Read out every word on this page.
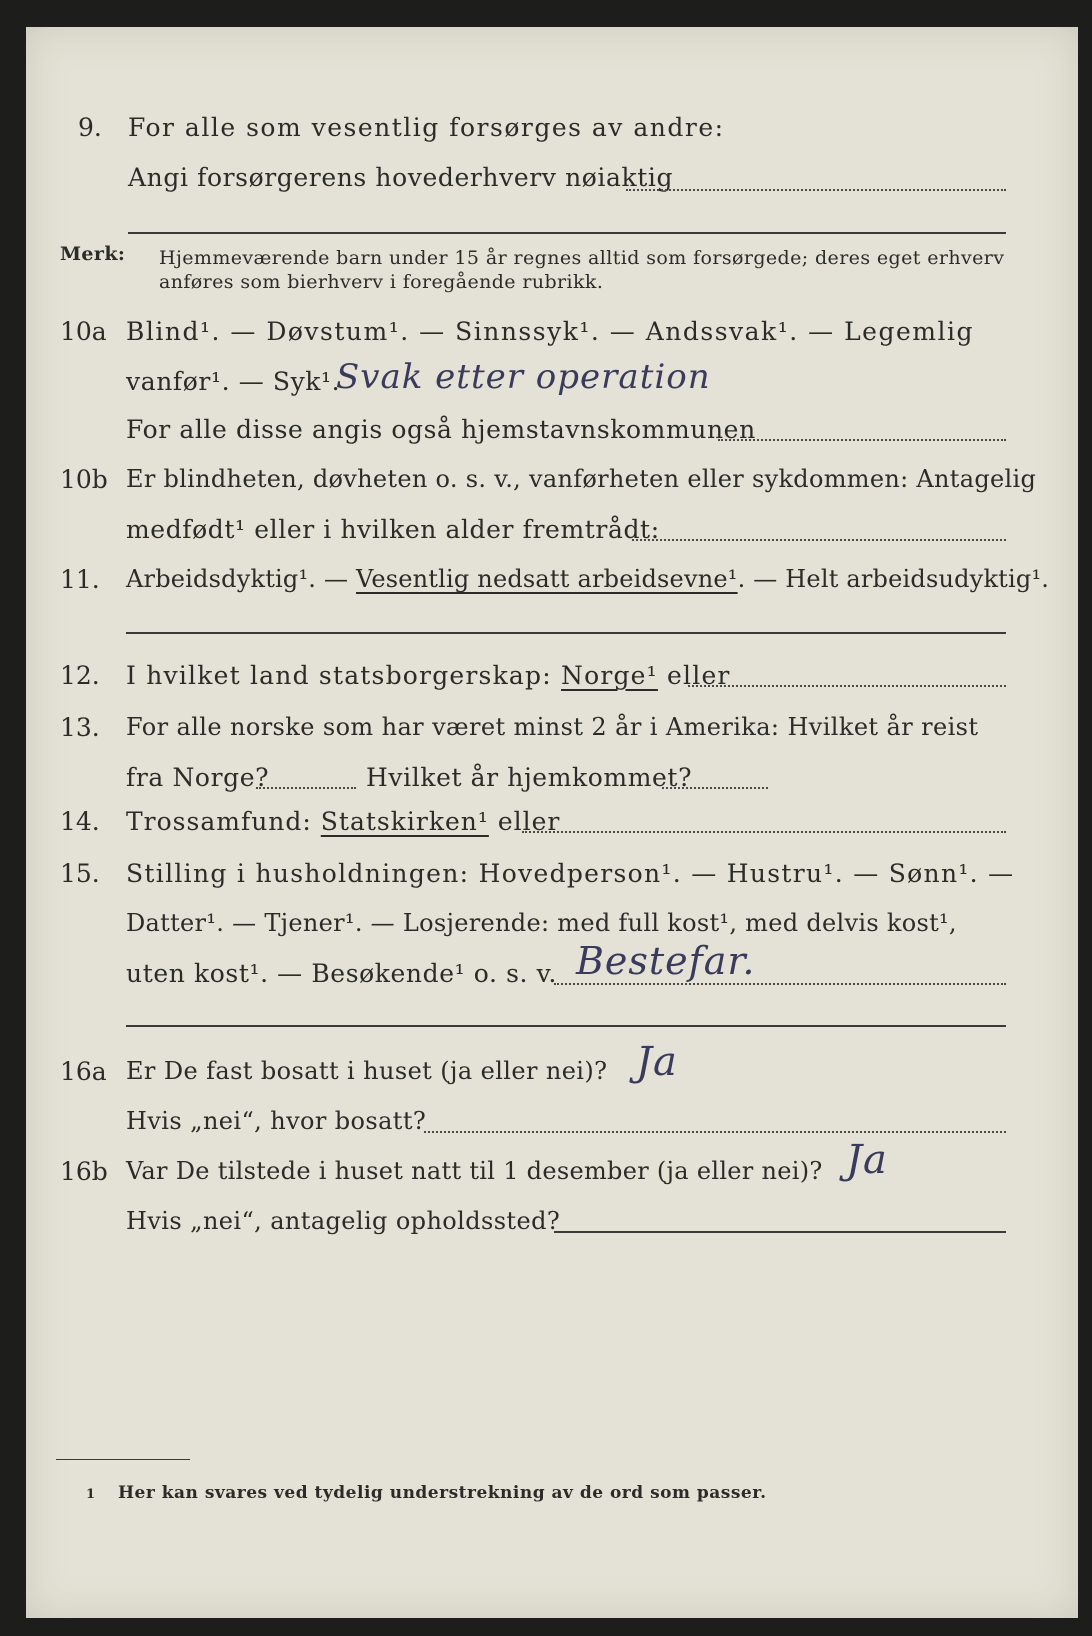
9. For alle som vesentlig forsørges av andre:
Angi forsørgerens hovederhverv nøiaktig
Merk: Hjemmeværende barn under 15 år regnes alltid som forsørgede; deres eget erhverv
anføres som bierhverv i foregående rubrikk.
10a Blind¹. — Døvstum¹. — Sinnssyk¹. — Andssvak¹. — Legemlig
vanfør¹. — Syk¹.
Svak etter operation
For alle disse angis også hjemstavnskommunen
10b Er blindheten, døvheten o. s. v., vanførheten eller sykdommen: Antagelig
medfødt¹ eller i hvilken alder fremtrådt:
11. Arbeidsdyktig¹. — Vesentlig nedsatt arbeidsevne¹. — Helt arbeidsudyktig¹.
12. I hvilket land statsborgerskap: Norge¹ eller
13. For alle norske som har været minst 2 år i Amerika: Hvilket år reist
fra Norge?	Hvilket år hjemkommet?
14. Trossamfund: Statskirken¹ eller
15. Stilling i husholdningen: Hovedperson¹. — Hustru¹. — Sønn¹. —
Datter¹. — Tjener¹. — Losjerende: med full kost¹, med delvis kost¹,
uten kost¹. — Besøkende¹ o. s. v. Bestefar.
16a Er De fast bosatt i huset (ja eller nei)? Ja
Hvis „nei“, hvor bosatt?
16b Var De tilstede i huset natt til 1 desember (ja eller nei)? Ja
Hvis „nei“, antagelig opholdssted?
1 Her kan svares ved tydelig understrekning av de ord som passer.
